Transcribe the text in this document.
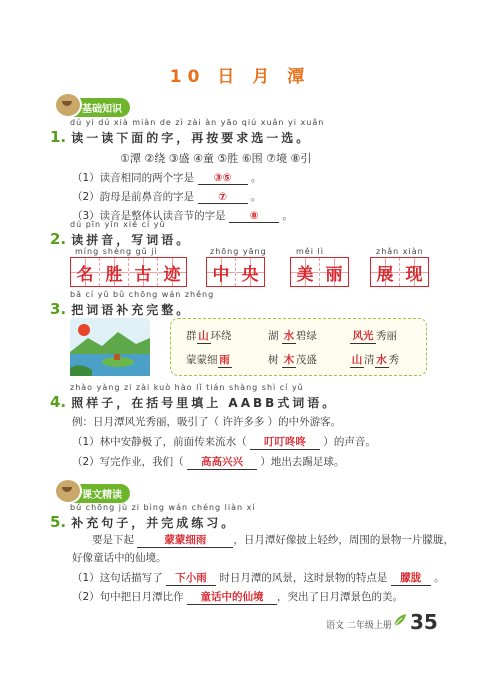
10 日 月 潭
基础知识
dú yi dú xià miàn de zì zài àn yāo qiú xuǎn yi xuǎn
1. 读一读下面的字，再按要求选一选。
①潭 ②绕 ③盛 ④童 ⑤胜 ⑥围 ⑦境 ⑧引
（1）读音相同的两个字是 ③⑤ 。
（2）韵母是前鼻音的字是 ⑦ 。
（3）读音是整体认读音节的字是 ⑧ 。
dú pīn yīn xiě cí yǔ
2. 读拼音，写词语。
míng shèng gǔ jì
名 胜 古 迹
zhōng yāng
中 央
měi lì
美 丽
zhǎn xiàn
展 现
bǎ cí yǔ bǔ chōng wán zhěng
3. 把词语补充完整。
群 山 环绕	湖 水 碧绿	风光 秀丽
蒙蒙细 雨	树 木 茂盛	山 清 水 秀
zhào yàng zi zài kuò hào lǐ tián shàng shì cí yǔ
4. 照样子，在括号里填上 AABB式词语。
例：日月潭风光秀丽，吸引了（ 许许多多 ）的中外游客。
（1）林中安静极了，前面传来流水（ 叮叮咚咚 ）的声音。
（2）写完作业，我们（ 高高兴兴 ）地出去踢足球。
课文精读
bǔ chōng jù zi bìng wán chéng liàn xí
5. 补充句子，并完成练习。
要是下起	蒙蒙细雨	，日月潭好像披上轻纱，周围的景物一片朦胧，
好像童话中的仙境。
（1）这句话描写了 下小雨 时日月潭的风景，这时景物的特点是 朦胧 。
（2）句中把日月潭比作 童话中的仙境 ，突出了日月潭景色的美。
语文 二年级上册 35
